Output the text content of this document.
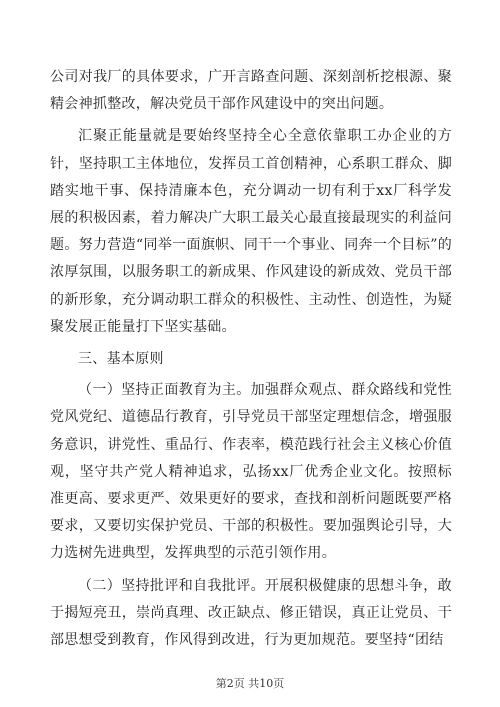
公司对我厂的具体要求，广开言路查问题、深刻剖析挖根源、聚精会神抓整改，解决党员干部作风建设中的突出问题。

汇聚正能量就是要始终坚持全心全意依靠职工办企业的方针，坚持职工主体地位，发挥员工首创精神，心系职工群众、脚踏实地干事、保持清廉本色，充分调动一切有利于xx厂科学发展的积极因素，着力解决广大职工最关心最直接最现实的利益问题。努力营造“同举一面旗帜、同干一个事业、同奔一个目标”的浓厚氛围，以服务职工的新成果、作风建设的新成效、党员干部的新形象，充分调动职工群众的积极性、主动性、创造性，为疑聚发展正能量打下坚实基础。

三、基本原则

（一）坚持正面教育为主。加强群众观点、群众路线和党性党风党纪、道德品行教育，引导党员干部坚定理想信念，增强服务意识，讲党性、重品行、作表率，模范践行社会主义核心价值观，坚守共产党人精神追求，弘扬xx厂优秀企业文化。按照标准更高、要求更严、效果更好的要求，查找和剖析问题既要严格要求，又要切实保护党员、干部的积极性。要加强舆论引导，大力选树先进典型，发挥典型的示范引领作用。

（二）坚持批评和自我批评。开展积极健康的思想斗争，敢于揭短亮丑，崇尚真理、改正缺点、修正错误，真正让党员、干部思想受到教育，作风得到改进，行为更加规范。要坚持“团结

第2页 共10页
